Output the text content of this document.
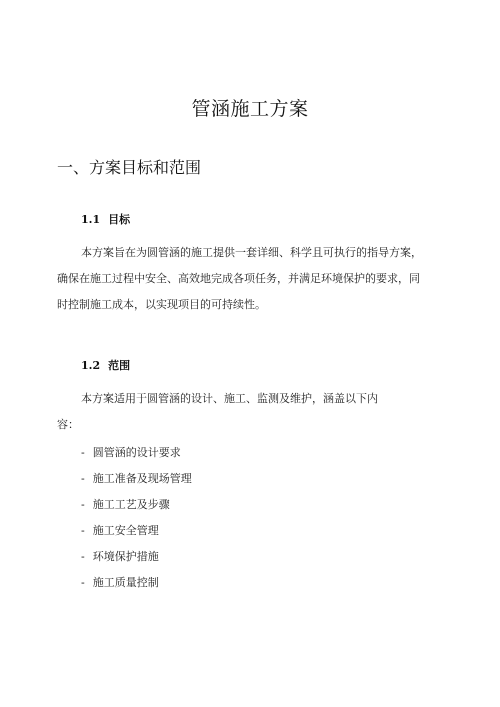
管涵施工方案
一、方案目标和范围
1.1 目标
本方案旨在为圆管涵的施工提供一套详细、科学且可执行的指导方案，
确保在施工过程中安全、高效地完成各项任务，并满足环境保护的要求，同
时控制施工成本，以实现项目的可持续性。
1.2 范围
本方案适用于圆管涵的设计、施工、监测及维护，涵盖以下内
容：
- 圆管涵的设计要求
- 施工准备及现场管理
- 施工工艺及步骤
- 施工安全管理
- 环境保护措施
- 施工质量控制
